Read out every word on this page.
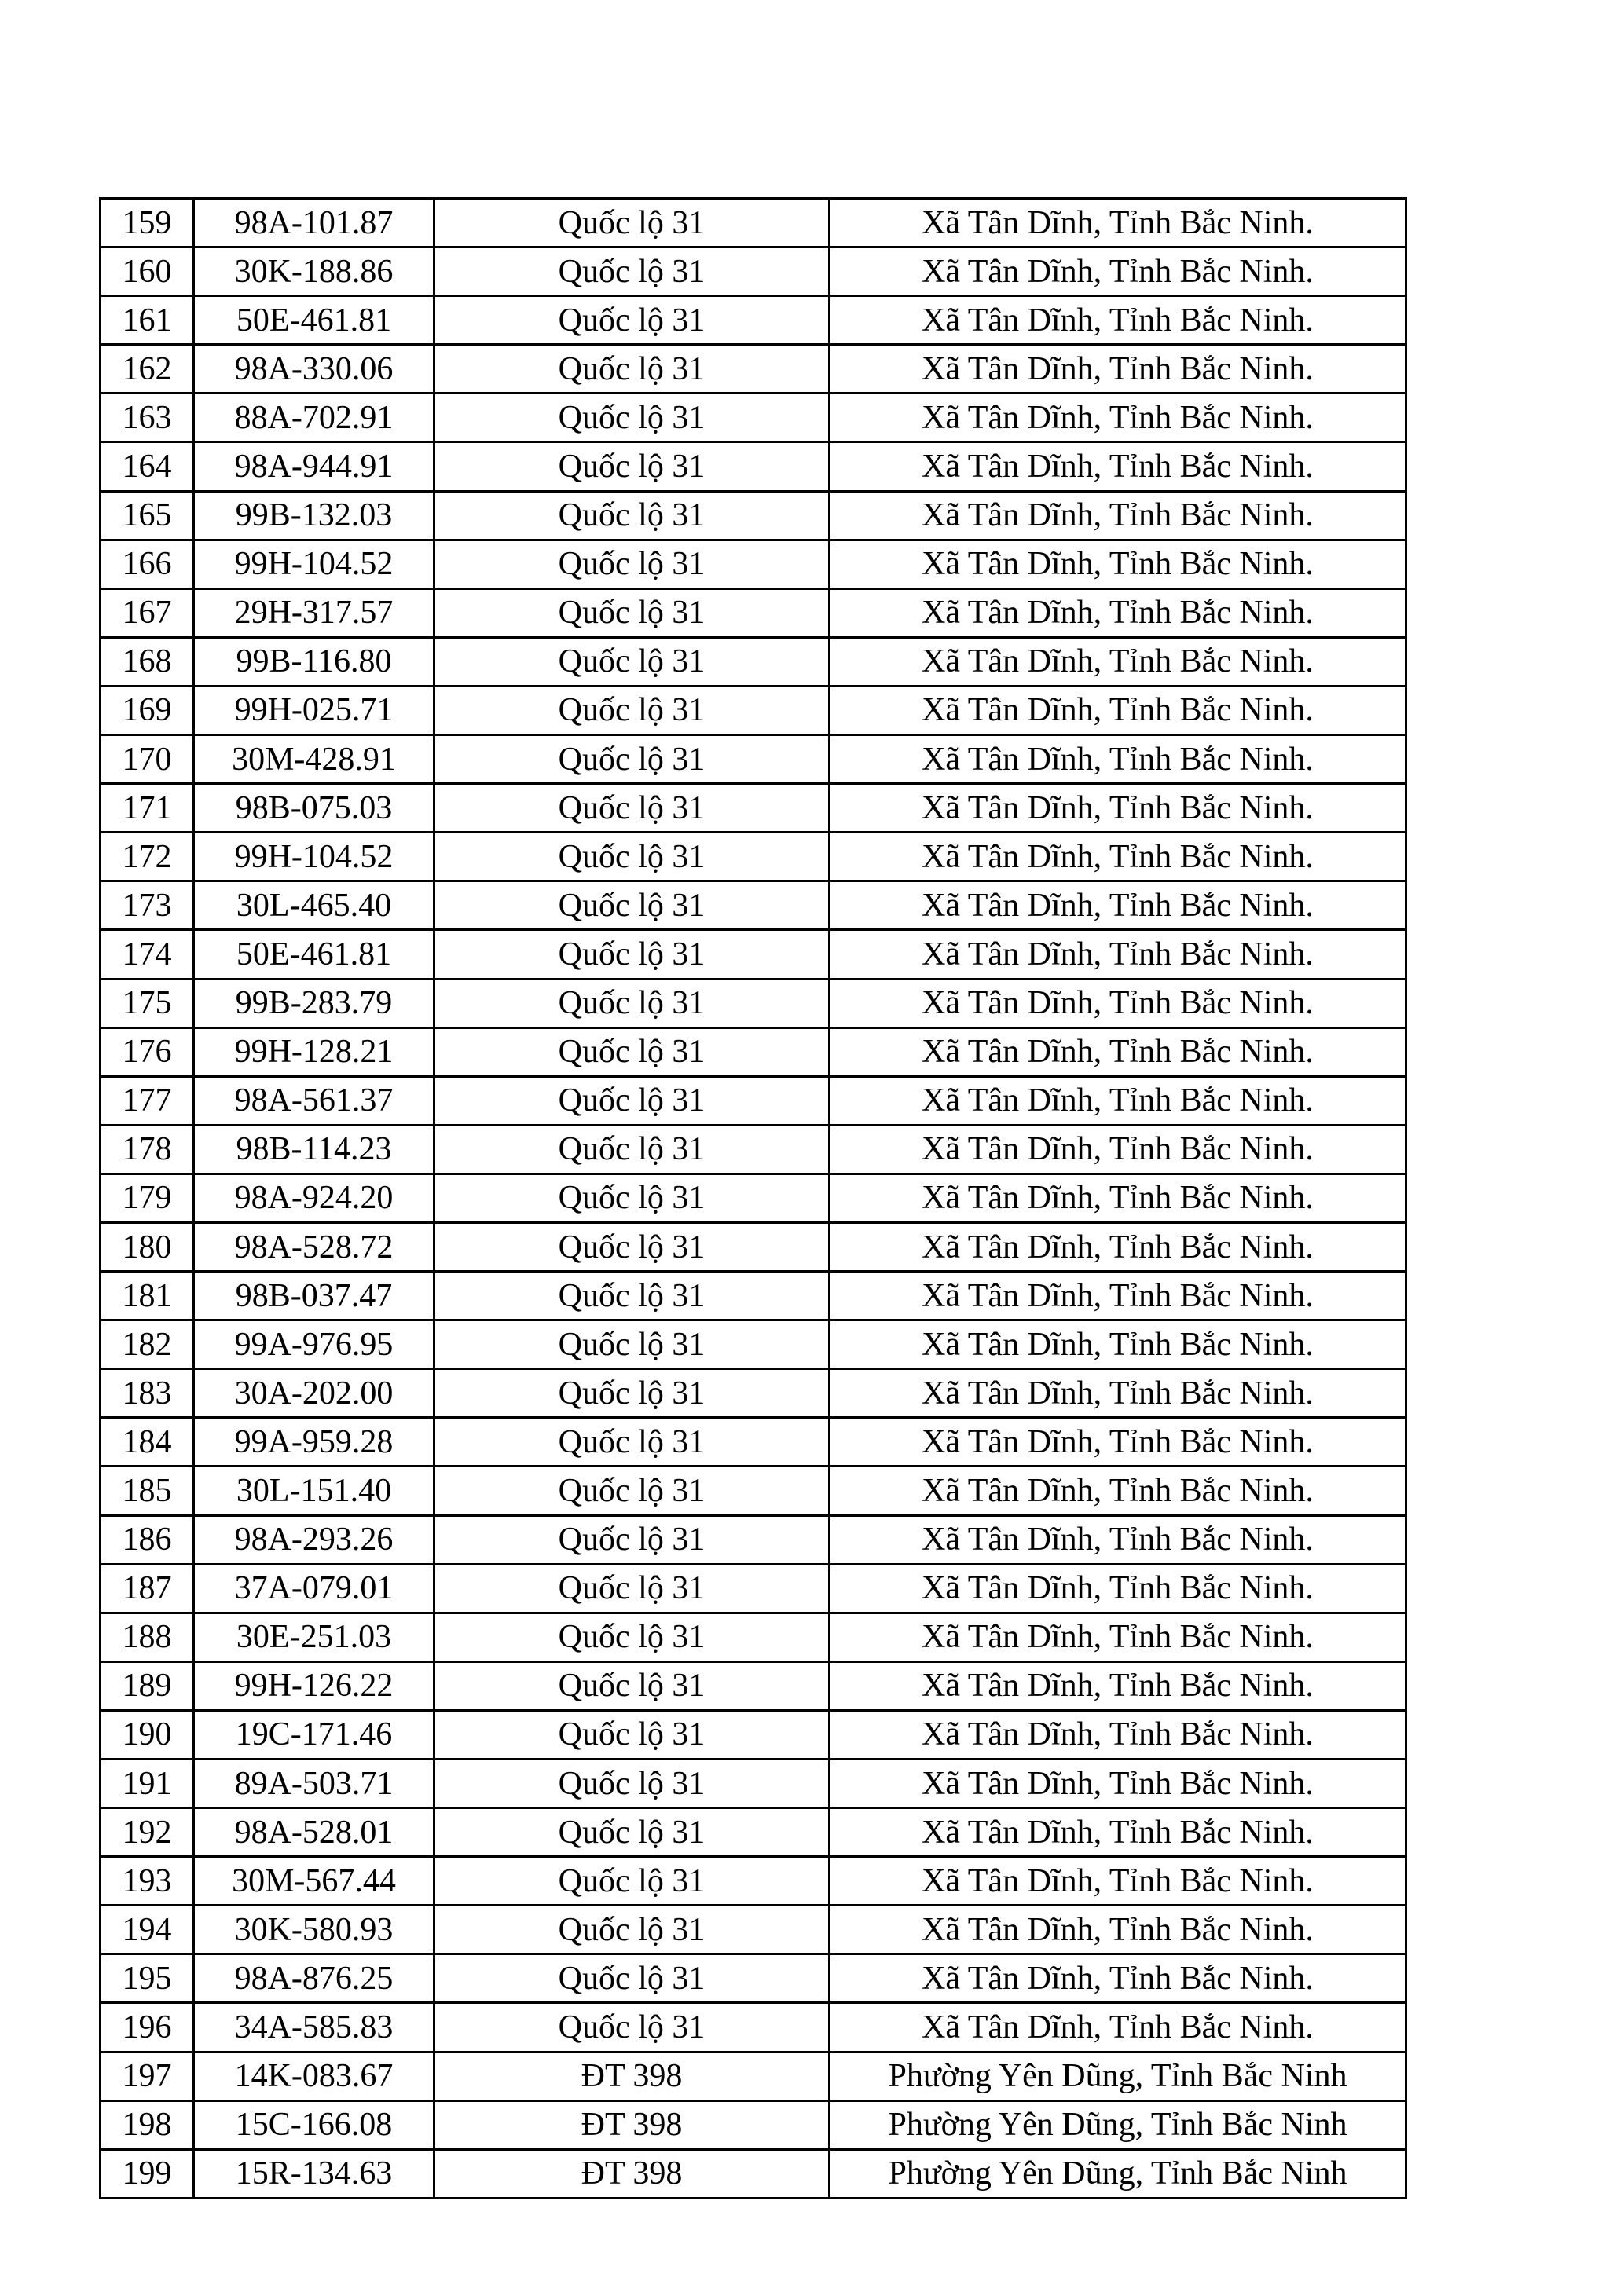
159	98A-101.87	Quốc lộ 31	Xã Tân Dĩnh, Tỉnh Bắc Ninh.
160	30K-188.86	Quốc lộ 31	Xã Tân Dĩnh, Tỉnh Bắc Ninh.
161	50E-461.81	Quốc lộ 31	Xã Tân Dĩnh, Tỉnh Bắc Ninh.
162	98A-330.06	Quốc lộ 31	Xã Tân Dĩnh, Tỉnh Bắc Ninh.
163	88A-702.91	Quốc lộ 31	Xã Tân Dĩnh, Tỉnh Bắc Ninh.
164	98A-944.91	Quốc lộ 31	Xã Tân Dĩnh, Tỉnh Bắc Ninh.
165	99B-132.03	Quốc lộ 31	Xã Tân Dĩnh, Tỉnh Bắc Ninh.
166	99H-104.52	Quốc lộ 31	Xã Tân Dĩnh, Tỉnh Bắc Ninh.
167	29H-317.57	Quốc lộ 31	Xã Tân Dĩnh, Tỉnh Bắc Ninh.
168	99B-116.80	Quốc lộ 31	Xã Tân Dĩnh, Tỉnh Bắc Ninh.
169	99H-025.71	Quốc lộ 31	Xã Tân Dĩnh, Tỉnh Bắc Ninh.
170	30M-428.91	Quốc lộ 31	Xã Tân Dĩnh, Tỉnh Bắc Ninh.
171	98B-075.03	Quốc lộ 31	Xã Tân Dĩnh, Tỉnh Bắc Ninh.
172	99H-104.52	Quốc lộ 31	Xã Tân Dĩnh, Tỉnh Bắc Ninh.
173	30L-465.40	Quốc lộ 31	Xã Tân Dĩnh, Tỉnh Bắc Ninh.
174	50E-461.81	Quốc lộ 31	Xã Tân Dĩnh, Tỉnh Bắc Ninh.
175	99B-283.79	Quốc lộ 31	Xã Tân Dĩnh, Tỉnh Bắc Ninh.
176	99H-128.21	Quốc lộ 31	Xã Tân Dĩnh, Tỉnh Bắc Ninh.
177	98A-561.37	Quốc lộ 31	Xã Tân Dĩnh, Tỉnh Bắc Ninh.
178	98B-114.23	Quốc lộ 31	Xã Tân Dĩnh, Tỉnh Bắc Ninh.
179	98A-924.20	Quốc lộ 31	Xã Tân Dĩnh, Tỉnh Bắc Ninh.
180	98A-528.72	Quốc lộ 31	Xã Tân Dĩnh, Tỉnh Bắc Ninh.
181	98B-037.47	Quốc lộ 31	Xã Tân Dĩnh, Tỉnh Bắc Ninh.
182	99A-976.95	Quốc lộ 31	Xã Tân Dĩnh, Tỉnh Bắc Ninh.
183	30A-202.00	Quốc lộ 31	Xã Tân Dĩnh, Tỉnh Bắc Ninh.
184	99A-959.28	Quốc lộ 31	Xã Tân Dĩnh, Tỉnh Bắc Ninh.
185	30L-151.40	Quốc lộ 31	Xã Tân Dĩnh, Tỉnh Bắc Ninh.
186	98A-293.26	Quốc lộ 31	Xã Tân Dĩnh, Tỉnh Bắc Ninh.
187	37A-079.01	Quốc lộ 31	Xã Tân Dĩnh, Tỉnh Bắc Ninh.
188	30E-251.03	Quốc lộ 31	Xã Tân Dĩnh, Tỉnh Bắc Ninh.
189	99H-126.22	Quốc lộ 31	Xã Tân Dĩnh, Tỉnh Bắc Ninh.
190	19C-171.46	Quốc lộ 31	Xã Tân Dĩnh, Tỉnh Bắc Ninh.
191	89A-503.71	Quốc lộ 31	Xã Tân Dĩnh, Tỉnh Bắc Ninh.
192	98A-528.01	Quốc lộ 31	Xã Tân Dĩnh, Tỉnh Bắc Ninh.
193	30M-567.44	Quốc lộ 31	Xã Tân Dĩnh, Tỉnh Bắc Ninh.
194	30K-580.93	Quốc lộ 31	Xã Tân Dĩnh, Tỉnh Bắc Ninh.
195	98A-876.25	Quốc lộ 31	Xã Tân Dĩnh, Tỉnh Bắc Ninh.
196	34A-585.83	Quốc lộ 31	Xã Tân Dĩnh, Tỉnh Bắc Ninh.
197	14K-083.67	ĐT 398	Phường Yên Dũng, Tỉnh Bắc Ninh
198	15C-166.08	ĐT 398	Phường Yên Dũng, Tỉnh Bắc Ninh
199	15R-134.63	ĐT 398	Phường Yên Dũng, Tỉnh Bắc Ninh
